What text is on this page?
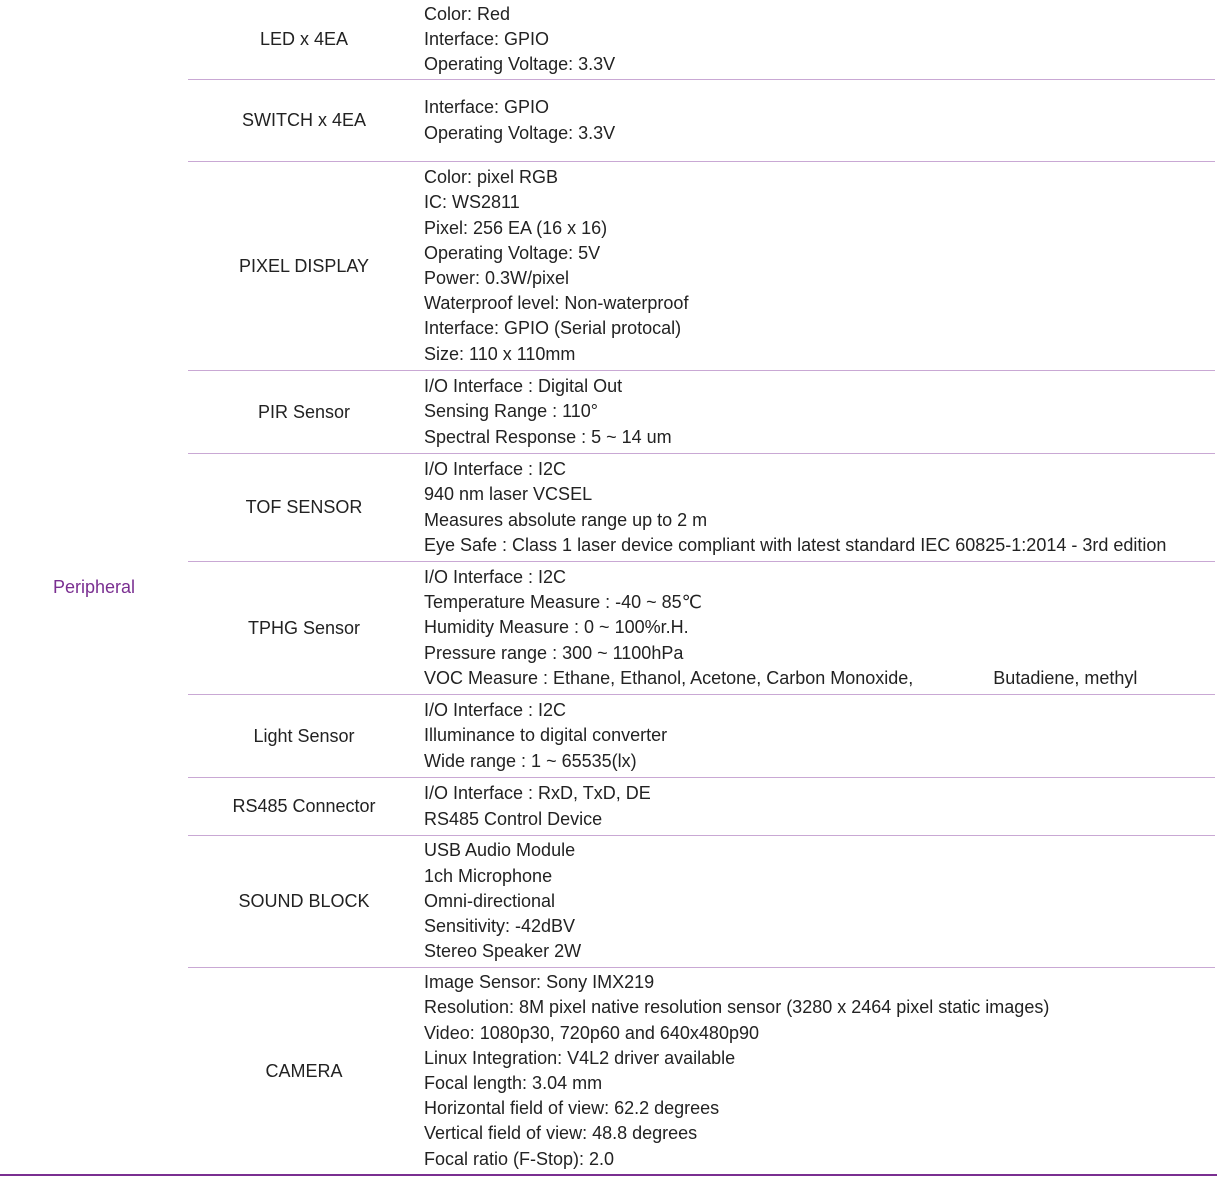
Peripheral
LED x 4EA
Color: Red
Interface: GPIO
Operating Voltage: 3.3V
SWITCH x 4EA
Interface: GPIO
Operating Voltage: 3.3V
PIXEL DISPLAY
Color: pixel RGB
IC: WS2811
Pixel: 256 EA (16 x 16)
Operating Voltage: 5V
Power: 0.3W/pixel
Waterproof level: Non-waterproof
Interface: GPIO (Serial protocal)
Size: 110 x 110mm
PIR Sensor
I/O Interface : Digital Out
Sensing Range : 110°
Spectral Response : 5 ~ 14 um
TOF SENSOR
I/O Interface : I2C
940 nm laser VCSEL
Measures absolute range up to 2 m
Eye Safe : Class 1 laser device compliant with latest standard IEC 60825-1:2014 - 3rd edition
TPHG Sensor
I/O Interface : I2C
Temperature Measure : -40 ~ 85℃
Humidity Measure : 0 ~ 100%r.H.
Pressure range : 300 ~ 1100hPa
VOC Measure : Ethane, Ethanol, Acetone, Carbon Monoxide,                Butadiene, methyl
Light Sensor
I/O Interface : I2C
Illuminance to digital converter
Wide range : 1 ~ 65535(lx)
RS485 Connector
I/O Interface : RxD, TxD, DE
RS485 Control Device
SOUND BLOCK
USB Audio Module
1ch Microphone
Omni-directional
Sensitivity: -42dBV
Stereo Speaker 2W
CAMERA
Image Sensor: Sony IMX219
Resolution: 8M pixel native resolution sensor (3280 x 2464 pixel static images)
Video: 1080p30, 720p60 and 640x480p90
Linux Integration: V4L2 driver available
Focal length: 3.04 mm
Horizontal field of view: 62.2 degrees
Vertical field of view: 48.8 degrees
Focal ratio (F-Stop): 2.0
